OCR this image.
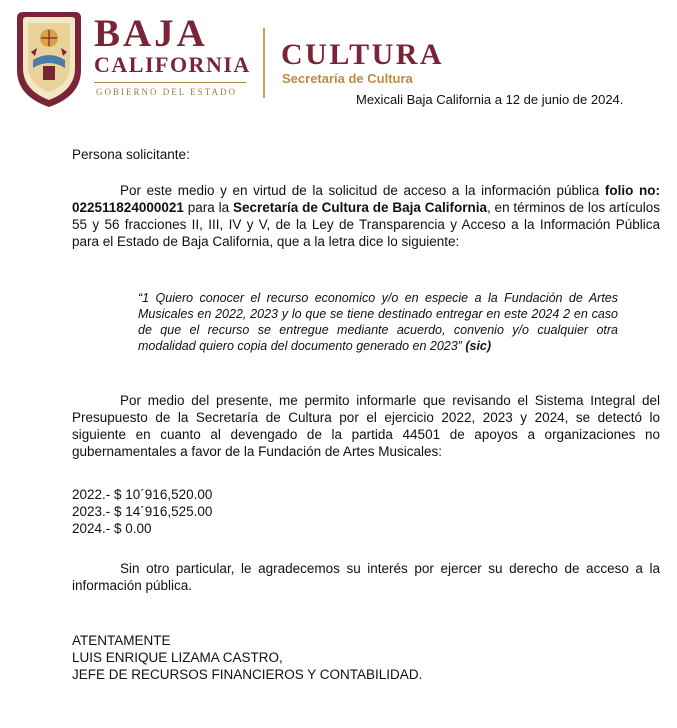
BAJA
CALIFORNIA
GOBIERNO DEL ESTADO
CULTURA
Secretaría de Cultura
Mexicali Baja California a 12 de junio de 2024.

Persona solicitante:

Por este medio y en virtud de la solicitud de acceso a la información pública folio no: 022511824000021 para la Secretaría de Cultura de Baja California, en términos de los artículos 55 y 56 fracciones II, III, IV y V, de la Ley de Transparencia y Acceso a la Información Pública para el Estado de Baja California, que a la letra dice lo siguiente:

“1 Quiero conocer el recurso economico y/o en especie a la Fundación de Artes Musicales en 2022, 2023 y lo que se tiene destinado entregar en este 2024 2 en caso de que el recurso se entregue mediante acuerdo, convenio y/o cualquier otra modalidad quiero copia del documento generado en 2023” (sic)

Por medio del presente, me permito informarle que revisando el Sistema Integral del Presupuesto de la Secretaría de Cultura por el ejercicio 2022, 2023 y 2024, se detectó lo siguiente en cuanto al devengado de la partida 44501 de apoyos a organizaciones no gubernamentales a favor de la Fundación de Artes Musicales:

2022.- $ 10´916,520.00
2023.- $ 14´916,525.00
2024.- $ 0.00

Sin otro particular, le agradecemos su interés por ejercer su derecho de acceso a la información pública.

ATENTAMENTE
LUIS ENRIQUE LIZAMA CASTRO,
JEFE DE RECURSOS FINANCIEROS Y CONTABILIDAD.
